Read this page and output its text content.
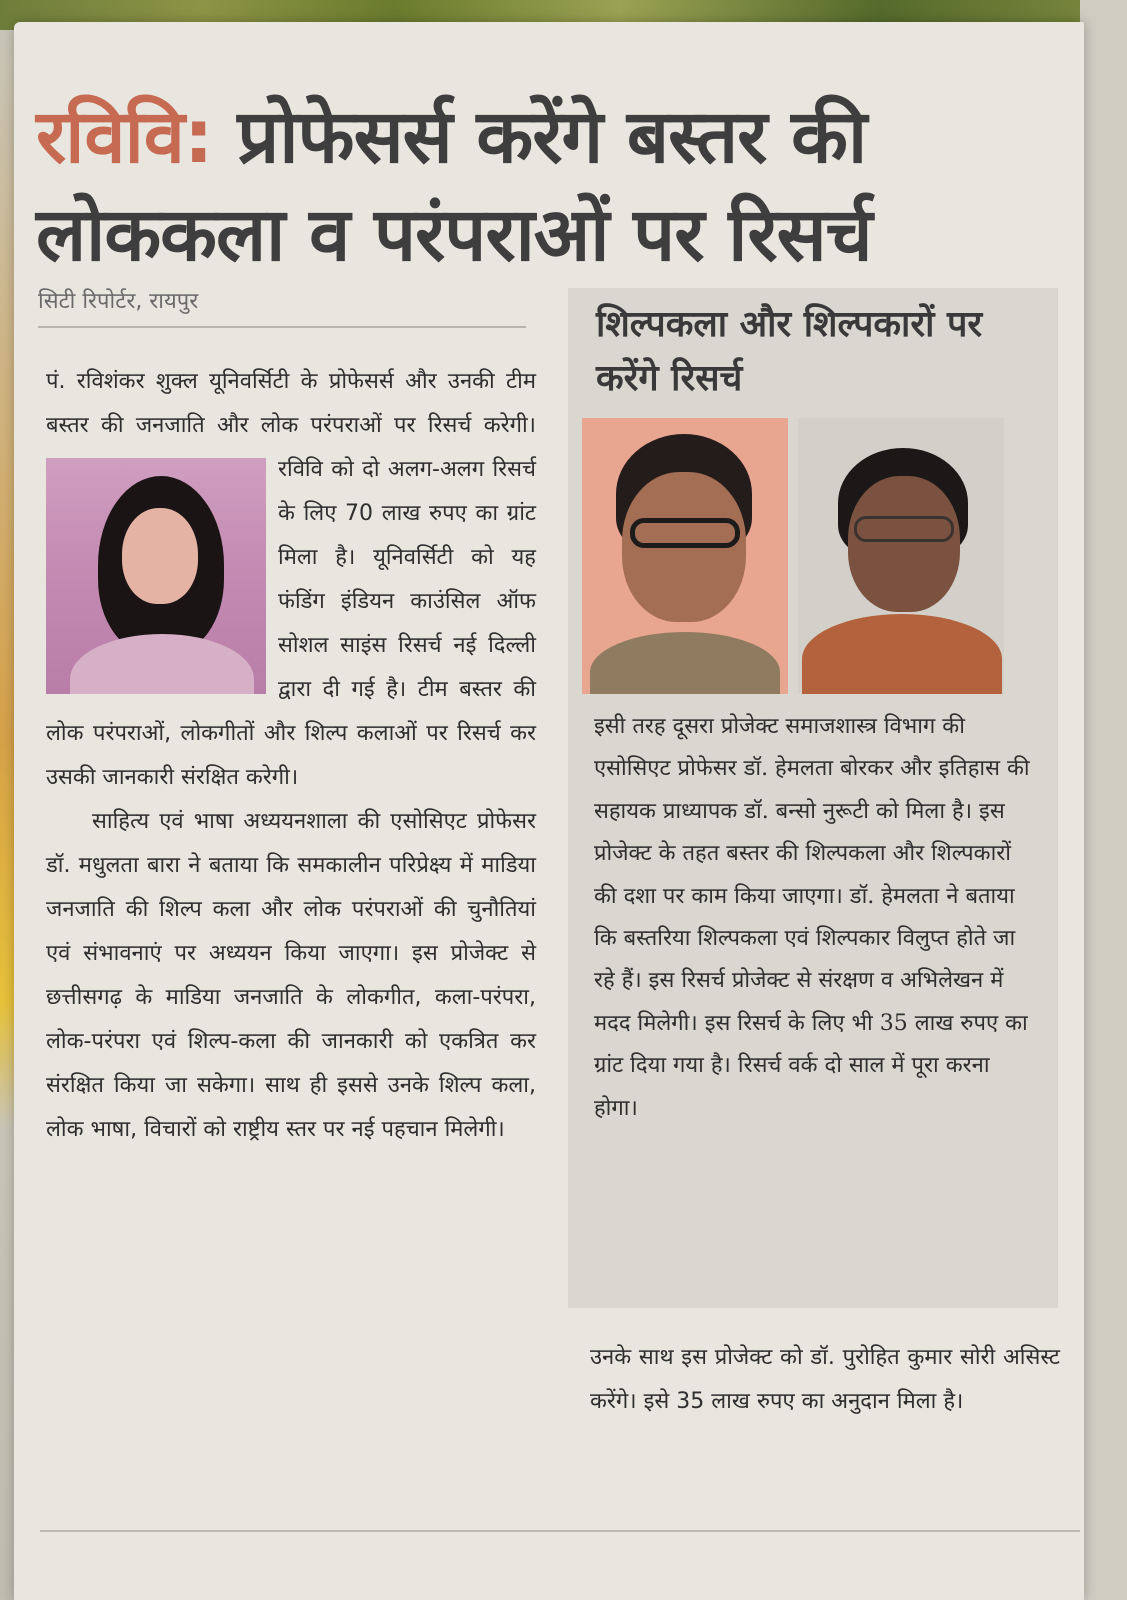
रविवि: प्रोफेसर्स करेंगे बस्तर की लोककला व परंपराओं पर रिसर्च
सिटी रिपोर्टर, रायपुर

पं. रविशंकर शुक्ल यूनिवर्सिटी के प्रोफेसर्स और उनकी टीम बस्तर की जनजाति और लोक परंपराओं पर रिसर्च करेगी। रविवि को दो अलग-अलग रिसर्च के लिए 70 लाख रुपए का ग्रांट मिला है। यूनिवर्सिटी को यह फंडिंग इंडियन काउंसिल ऑफ सोशल साइंस रिसर्च नई दिल्ली द्वारा दी गई है। टीम बस्तर की लोक परंपराओं, लोकगीतों और शिल्प कलाओं पर रिसर्च कर उसकी जानकारी संरक्षित करेगी।

साहित्य एवं भाषा अध्ययनशाला की एसोसिएट प्रोफेसर डॉ. मधुलता बारा ने बताया कि समकालीन परिप्रेक्ष्य में माडिया जनजाति की शिल्प कला और लोक परंपराओं की चुनौतियां एवं संभावनाएं पर अध्ययन किया जाएगा। इस प्रोजेक्ट से छत्तीसगढ़ के माडिया जनजाति के लोकगीत, कला-परंपरा, लोक-परंपरा एवं शिल्प-कला की जानकारी को एकत्रित कर संरक्षित किया जा सकेगा। साथ ही इससे उनके शिल्प कला, लोक भाषा, विचारों को राष्ट्रीय स्तर पर नई पहचान मिलेगी।

शिल्पकला और शिल्पकारों पर करेंगे रिसर्च

इसी तरह दूसरा प्रोजेक्ट समाजशास्त्र विभाग की एसोसिएट प्रोफेसर डॉ. हेमलता बोरकर और इतिहास की सहायक प्राध्यापक डॉ. बन्सो नुरूटी को मिला है। इस प्रोजेक्ट के तहत बस्तर की शिल्पकला और शिल्पकारों की दशा पर काम किया जाएगा। डॉ. हेमलता ने बताया कि बस्तरिया शिल्पकला एवं शिल्पकार विलुप्त होते जा रहे हैं। इस रिसर्च प्रोजेक्ट से संरक्षण व अभिलेखन में मदद मिलेगी। इस रिसर्च के लिए भी 35 लाख रुपए का ग्रांट दिया गया है। रिसर्च वर्क दो साल में पूरा करना होगा।

उनके साथ इस प्रोजेक्ट को डॉ. पुरोहित कुमार सोरी असिस्ट करेंगे। इसे 35 लाख रुपए का अनुदान मिला है।
